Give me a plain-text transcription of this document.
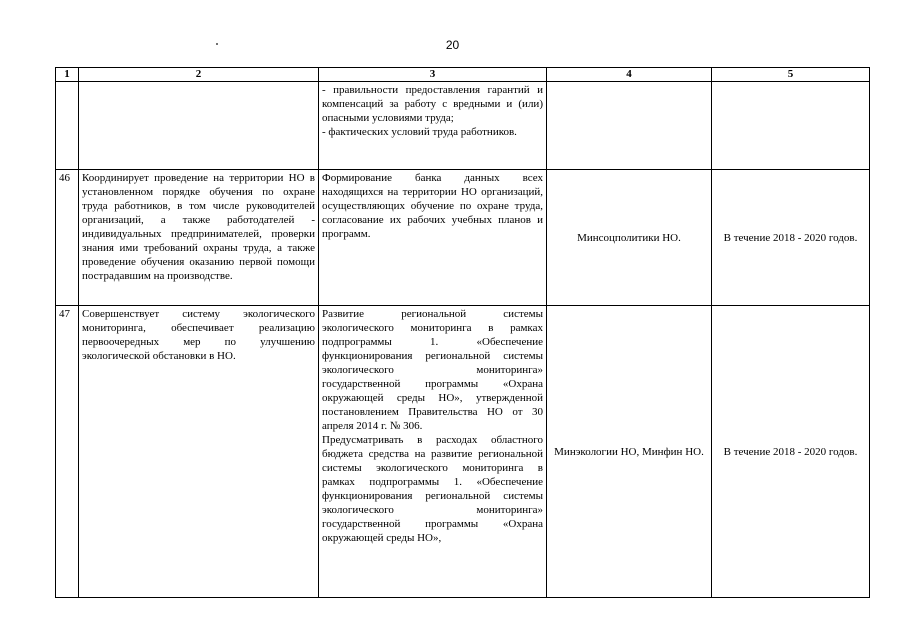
20
1	2	3	4	5

		- правильности предоставления гарантий и компенсаций за работу с вредными и (или) опасными условиями труда;
- фактических условий труда работников.		

46	Координирует проведение на территории НО в установленном порядке обучения по охране труда работников, в том числе руководителей организаций, а также работодателей - индивидуальных предпринимателей, проверки знания ими требований охраны труда, а также проведение обучения оказанию первой помощи пострадавшим на производстве.	Формирование банка данных всех находящихся на территории НО организаций, осуществляющих обучение по охране труда, согласование их рабочих учебных планов и программ.	Минсоцполитики НО.	В течение 2018 - 2020 годов.
47	Совершенствует систему экологического мониторинга, обеспечивает реализацию первоочередных мер по улучшению экологической обстановки в НО.	Развитие региональной системы экологического мониторинга в рамках подпрограммы 1. «Обеспечение функционирования региональной системы экологического мониторинга» государственной программы «Охрана окружающей среды НО», утвержденной постановлением Правительства НО от 30 апреля 2014 г. № 306.
Предусматривать в расходах областного бюджета средства на развитие региональной системы экологического мониторинга в рамках подпрограммы 1. «Обеспечение функционирования региональной системы экологического мониторинга» государственной программы «Охрана окружающей среды НО»,	Минэкологии НО, Минфин НО.	В течение 2018 - 2020 годов.
